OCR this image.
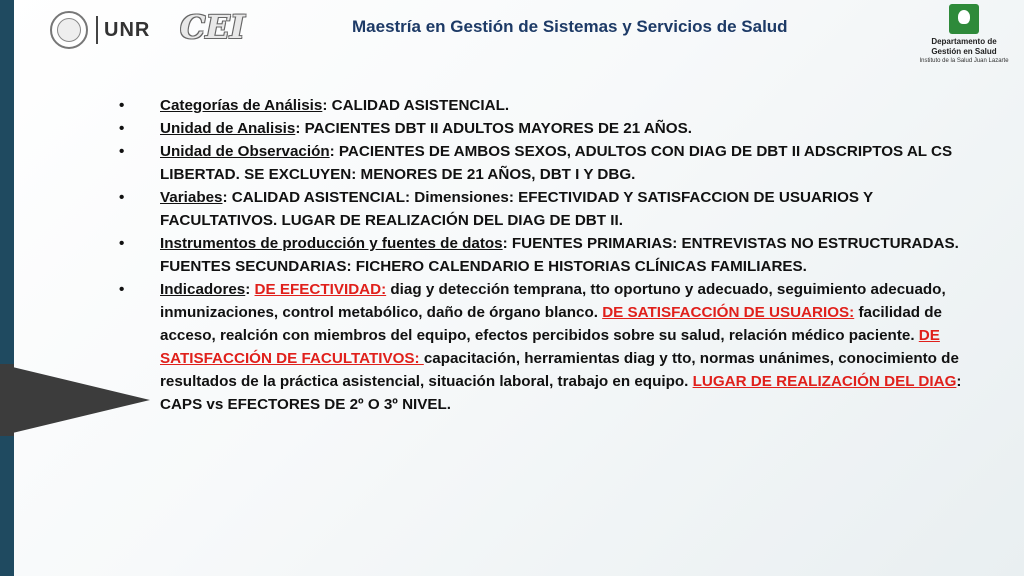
UNR CEI	Maestría en Gestión de Sistemas y Servicios de Salud
Departamento de
Gestión en Salud
Instituto de la Salud Juan Lazarte
• Categorías de Análisis: CALIDAD ASISTENCIAL.
• Unidad de Analisis: PACIENTES DBT II ADULTOS MAYORES DE 21 AÑOS.
• Unidad de Observación: PACIENTES DE AMBOS SEXOS, ADULTOS CON DIAG DE DBT II ADSCRIPTOS AL CS LIBERTAD. SE EXCLUYEN: MENORES DE 21 AÑOS, DBT I Y DBG.
• Variabes: CALIDAD ASISTENCIAL: Dimensiones: EFECTIVIDAD Y SATISFACCION DE USUARIOS Y FACULTATIVOS. LUGAR DE REALIZACIÓN DEL DIAG DE DBT II.
• Instrumentos de producción y fuentes de datos: FUENTES PRIMARIAS: ENTREVISTAS NO ESTRUCTURADAS. FUENTES SECUNDARIAS: FICHERO CALENDARIO E HISTORIAS CLÍNICAS FAMILIARES.
• Indicadores: DE EFECTIVIDAD: diag y detección temprana, tto oportuno y adecuado, seguimiento adecuado, inmunizaciones, control metabólico, daño de órgano blanco. DE SATISFACCIÓN DE USUARIOS: facilidad de acceso, realción con miembros del equipo, efectos percibidos sobre su salud, relación médico paciente. DE SATISFACCIÓN DE FACULTATIVOS: capacitación, herramientas diag y tto, normas unánimes, conocimiento de resultados de la práctica asistencial, situación laboral, trabajo en equipo. LUGAR DE REALIZACIÓN DEL DIAG: CAPS vs EFECTORES DE 2º O 3º NIVEL.
